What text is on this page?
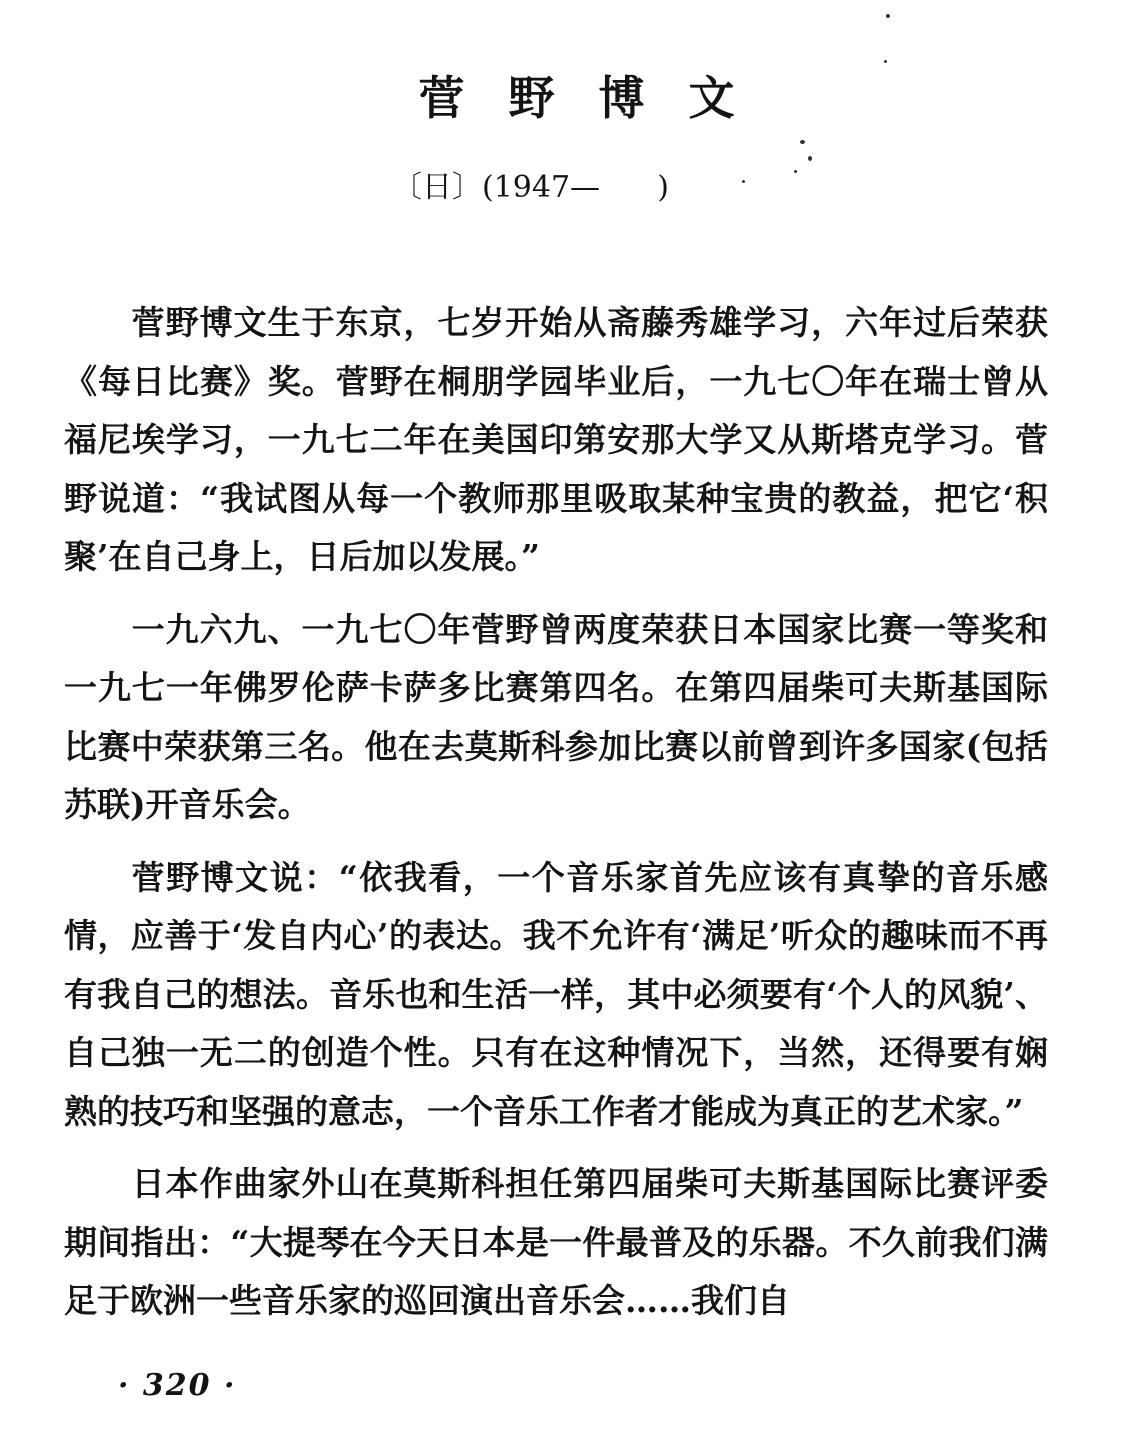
菅野博文
〔日〕(1947—      )

菅野博文生于东京，七岁开始从斋藤秀雄学习，六年过后荣获《每日比赛》奖。菅野在桐朋学园毕业后，一九七〇年在瑞士曾从福尼埃学习，一九七二年在美国印第安那大学又从斯塔克学习。菅野说道：“我试图从每一个教师那里吸取某种宝贵的教益，把它‘积聚’在自己身上，日后加以发展。”

一九六九、一九七〇年菅野曾两度荣获日本国家比赛一等奖和一九七一年佛罗伦萨卡萨多比赛第四名。在第四届柴可夫斯基国际比赛中荣获第三名。他在去莫斯科参加比赛以前曾到许多国家(包括苏联)开音乐会。

菅野博文说：“依我看，一个音乐家首先应该有真挚的音乐感情，应善于‘发自内心’的表达。我不允许有‘满足’听众的趣味而不再有我自己的想法。音乐也和生活一样，其中必须要有‘个人的风貌’、自己独一无二的创造个性。只有在这种情况下，当然，还得要有娴熟的技巧和坚强的意志，一个音乐工作者才能成为真正的艺术家。”

日本作曲家外山在莫斯科担任第四届柴可夫斯基国际比赛评委期间指出：“大提琴在今天日本是一件最普及的乐器。不久前我们满足于欧洲一些音乐家的巡回演出音乐会……我们自

· 320 ·
